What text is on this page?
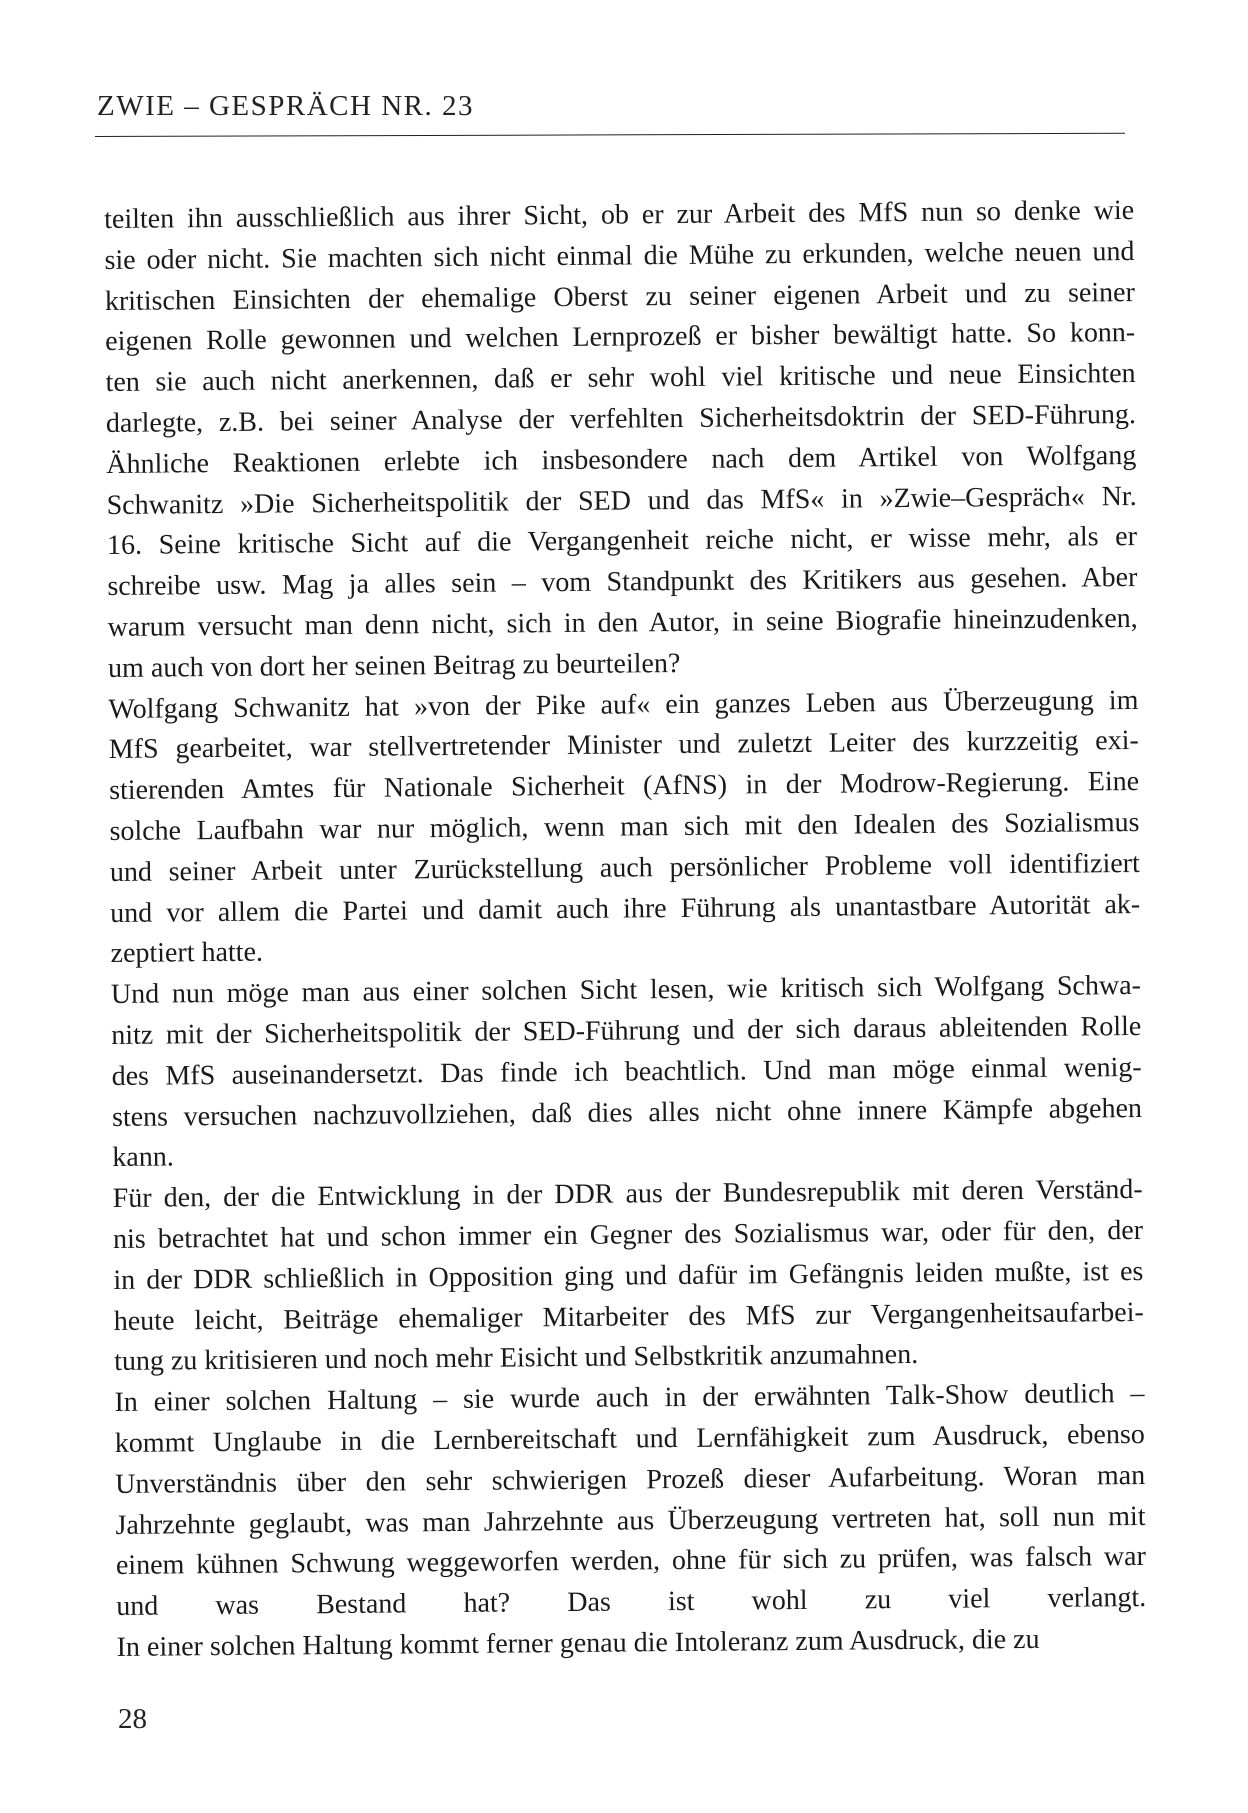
ZWIE – GESPRÄCH NR. 23
teilten ihn ausschließlich aus ihrer Sicht, ob er zur Arbeit des MfS nun so denke wie
sie oder nicht. Sie machten sich nicht einmal die Mühe zu erkunden, welche neuen und
kritischen Einsichten der ehemalige Oberst zu seiner eigenen Arbeit und zu seiner
eigenen Rolle gewonnen und welchen Lernprozeß er bisher bewältigt hatte. So konn-
ten sie auch nicht anerkennen, daß er sehr wohl viel kritische und neue Einsichten
darlegte, z.B. bei seiner Analyse der verfehlten Sicherheitsdoktrin der SED-Führung.
Ähnliche Reaktionen erlebte ich insbesondere nach dem Artikel von Wolfgang
Schwanitz »Die Sicherheitspolitik der SED und das MfS« in »Zwie–Gespräch« Nr.
16. Seine kritische Sicht auf die Vergangenheit reiche nicht, er wisse mehr, als er
schreibe usw. Mag ja alles sein – vom Standpunkt des Kritikers aus gesehen. Aber
warum versucht man denn nicht, sich in den Autor, in seine Biografie hineinzudenken,
um auch von dort her seinen Beitrag zu beurteilen?
Wolfgang Schwanitz hat »von der Pike auf« ein ganzes Leben aus Überzeugung im
MfS gearbeitet, war stellvertretender Minister und zuletzt Leiter des kurzzeitig exi-
stierenden Amtes für Nationale Sicherheit (AfNS) in der Modrow-Regierung. Eine
solche Laufbahn war nur möglich, wenn man sich mit den Idealen des Sozialismus
und seiner Arbeit unter Zurückstellung auch persönlicher Probleme voll identifiziert
und vor allem die Partei und damit auch ihre Führung als unantastbare Autorität ak-
zeptiert hatte.
Und nun möge man aus einer solchen Sicht lesen, wie kritisch sich Wolfgang Schwa-
nitz mit der Sicherheitspolitik der SED-Führung und der sich daraus ableitenden Rolle
des MfS auseinandersetzt. Das finde ich beachtlich. Und man möge einmal wenig-
stens versuchen nachzuvollziehen, daß dies alles nicht ohne innere Kämpfe abgehen
kann.
Für den, der die Entwicklung in der DDR aus der Bundesrepublik mit deren Verständ-
nis betrachtet hat und schon immer ein Gegner des Sozialismus war, oder für den, der
in der DDR schließlich in Opposition ging und dafür im Gefängnis leiden mußte, ist es
heute leicht, Beiträge ehemaliger Mitarbeiter des MfS zur Vergangenheitsaufarbei-
tung zu kritisieren und noch mehr Eisicht und Selbstkritik anzumahnen.
In einer solchen Haltung – sie wurde auch in der erwähnten Talk-Show deutlich –
kommt Unglaube in die Lernbereitschaft und Lernfähigkeit zum Ausdruck, ebenso
Unverständnis über den sehr schwierigen Prozeß dieser Aufarbeitung. Woran man
Jahrzehnte geglaubt, was man Jahrzehnte aus Überzeugung vertreten hat, soll nun mit
einem kühnen Schwung weggeworfen werden, ohne für sich zu prüfen, was falsch war
und was Bestand hat? Das ist wohl zu viel verlangt.
In einer solchen Haltung kommt ferner genau die Intoleranz zum Ausdruck, die zu
28
